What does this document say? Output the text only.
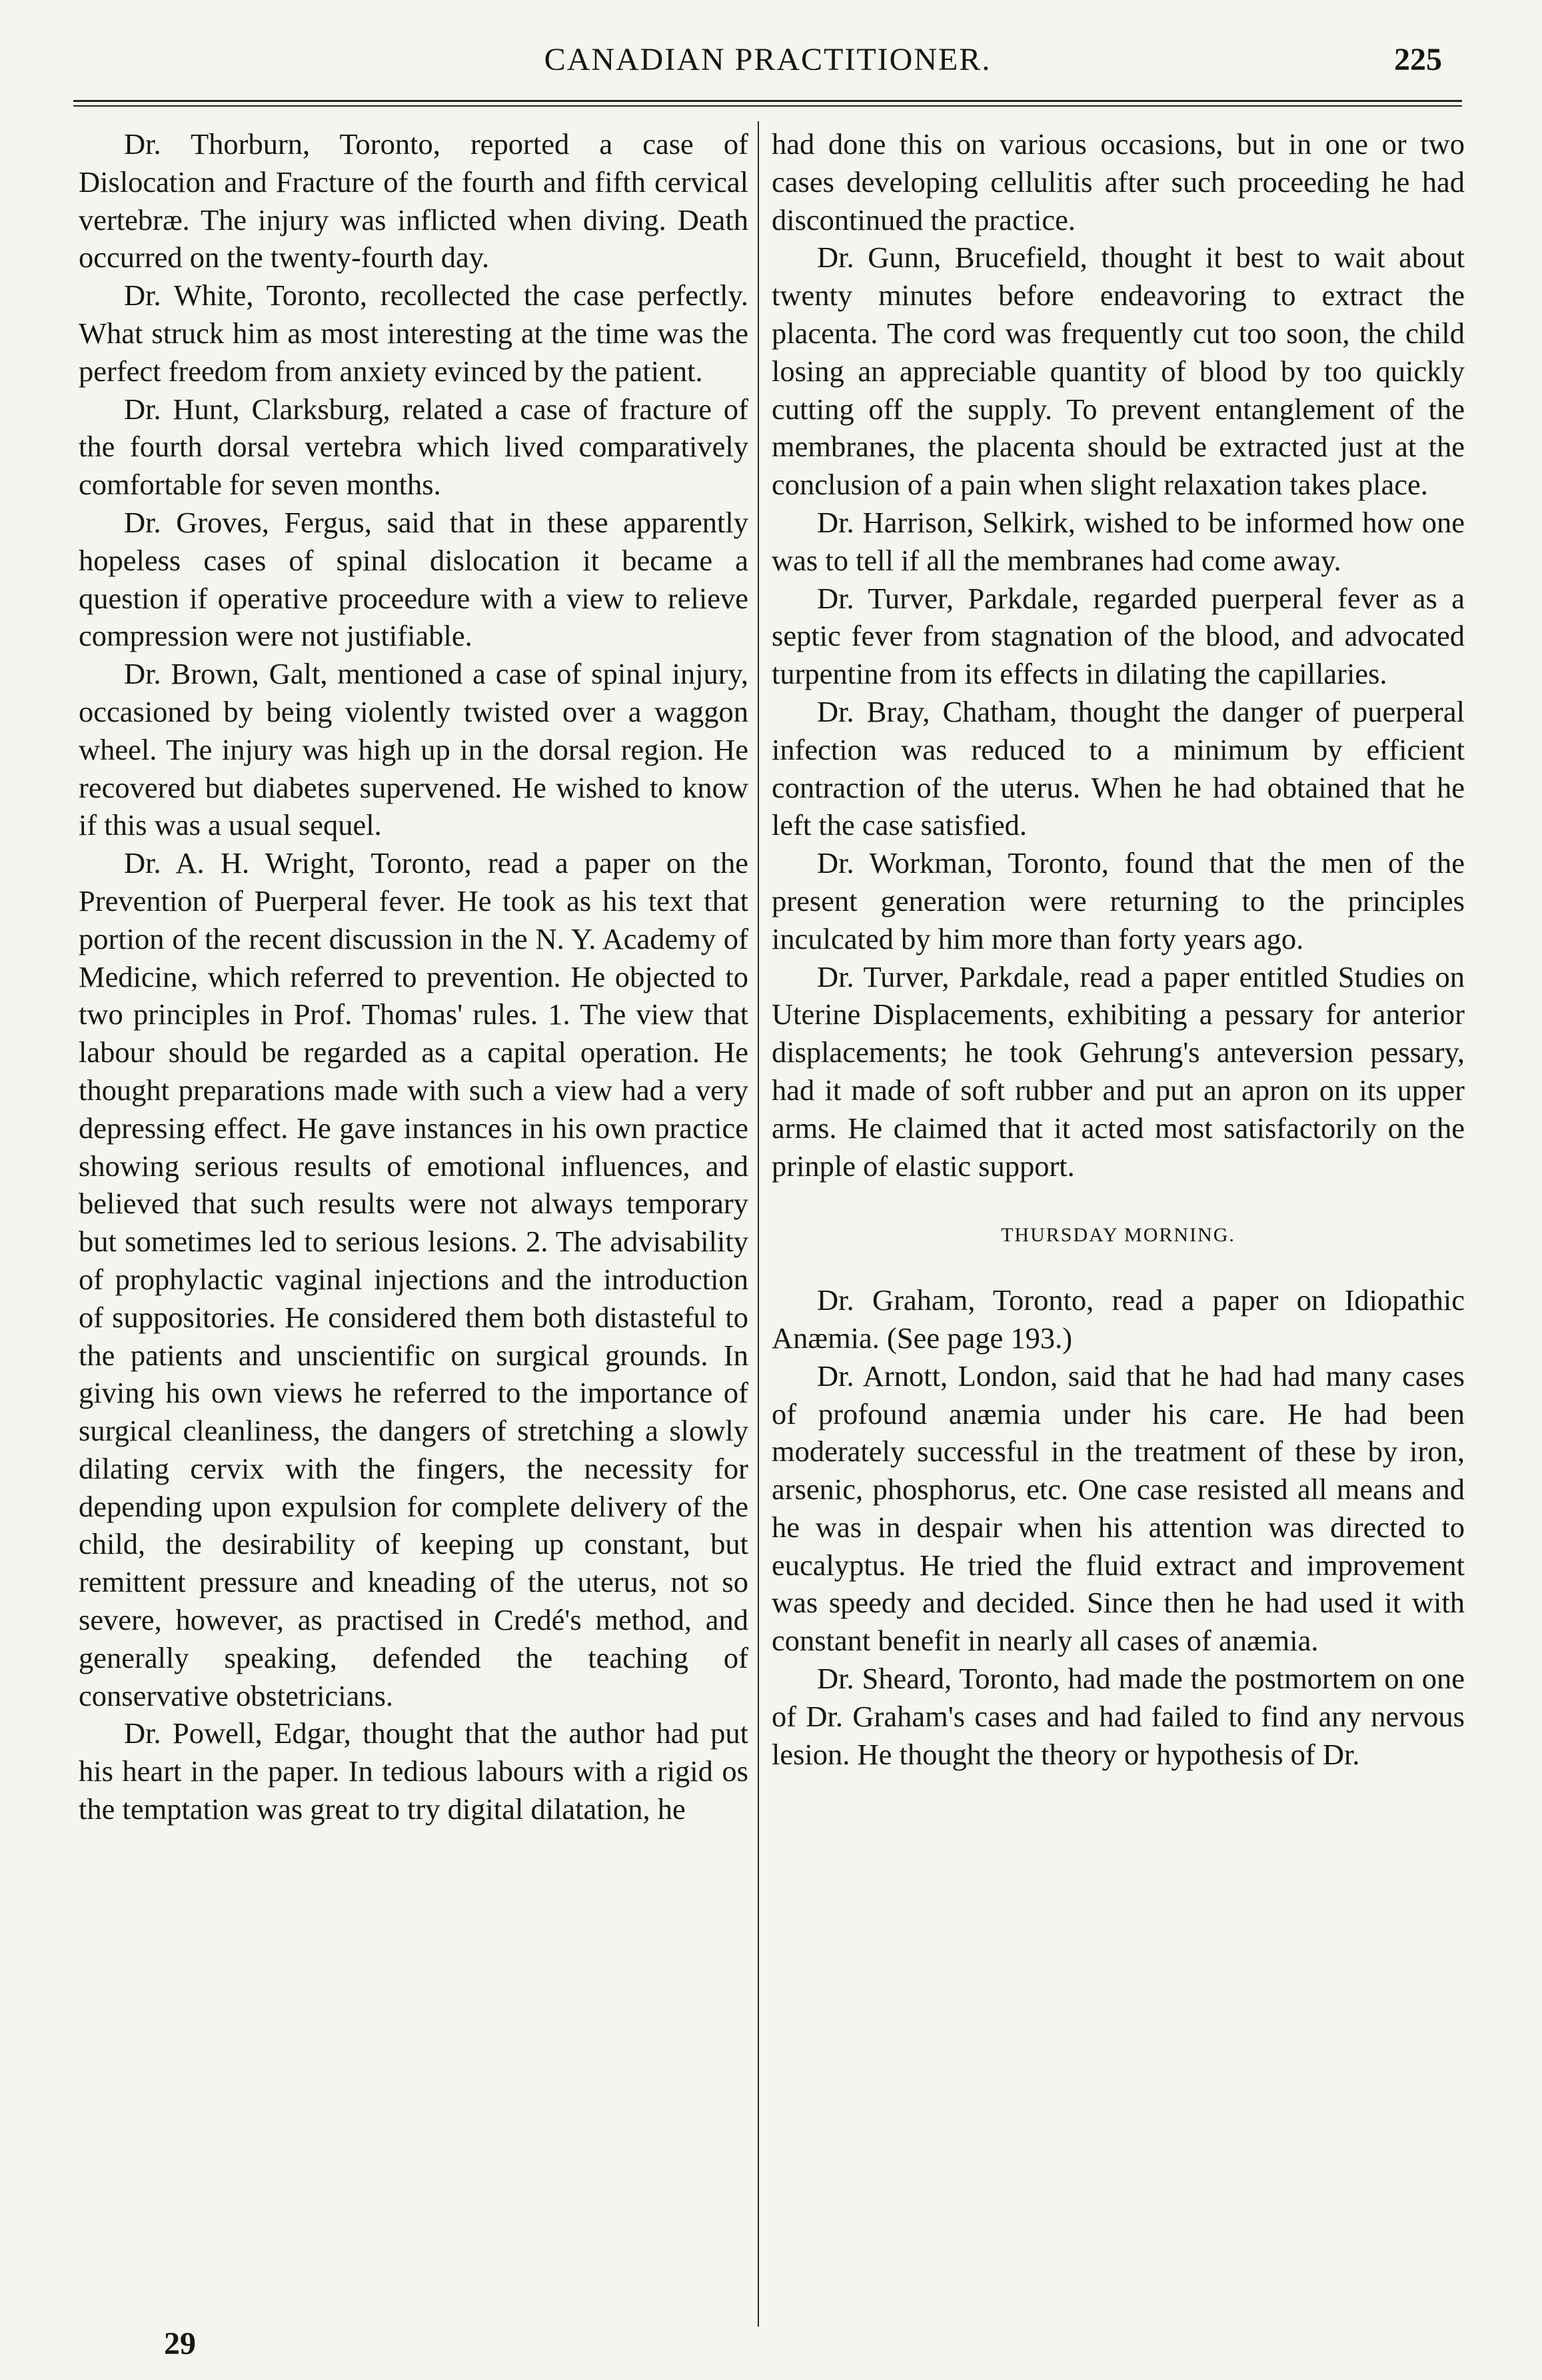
CANADIAN PRACTITIONER.	225

Dr. Thorburn, Toronto, reported a case of Dislocation and Fracture of the fourth and fifth cervical vertebræ. The injury was inflicted when diving. Death occurred on the twenty-fourth day.

Dr. White, Toronto, recollected the case perfectly. What struck him as most interesting at the time was the perfect freedom from anxiety evinced by the patient.

Dr. Hunt, Clarksburg, related a case of fracture of the fourth dorsal vertebra which lived comparatively comfortable for seven months.

Dr. Groves, Fergus, said that in these apparently hopeless cases of spinal dislocation it became a question if operative proceedure with a view to relieve compression were not justifiable.

Dr. Brown, Galt, mentioned a case of spinal injury, occasioned by being violently twisted over a waggon wheel. The injury was high up in the dorsal region. He recovered but diabetes supervened. He wished to know if this was a usual sequel.

Dr. A. H. Wright, Toronto, read a paper on the Prevention of Puerperal fever. He took as his text that portion of the recent discussion in the N. Y. Academy of Medicine, which referred to prevention. He objected to two principles in Prof. Thomas' rules. 1. The view that labour should be regarded as a capital operation. He thought preparations made with such a view had a very depressing effect. He gave instances in his own practice showing serious results of emotional influences, and believed that such results were not always temporary but sometimes led to serious lesions. 2. The advisability of prophylactic vaginal injections and the introduction of suppositories. He considered them both distasteful to the patients and unscientific on surgical grounds. In giving his own views he referred to the importance of surgical cleanliness, the dangers of stretching a slowly dilating cervix with the fingers, the necessity for depending upon expulsion for complete delivery of the child, the desirability of keeping up constant, but remittent pressure and kneading of the uterus, not so severe, however, as practised in Credé's method, and generally speaking, defended the teaching of conservative obstetricians.

Dr. Powell, Edgar, thought that the author had put his heart in the paper. In tedious labours with a rigid os the temptation was great to try digital dilatation, he

had done this on various occasions, but in one or two cases developing cellulitis after such proceeding he had discontinued the practice.

Dr. Gunn, Brucefield, thought it best to wait about twenty minutes before endeavoring to extract the placenta. The cord was frequently cut too soon, the child losing an appreciable quantity of blood by too quickly cutting off the supply. To prevent entanglement of the membranes, the placenta should be extracted just at the conclusion of a pain when slight relaxation takes place.

Dr. Harrison, Selkirk, wished to be informed how one was to tell if all the membranes had come away.

Dr. Turver, Parkdale, regarded puerperal fever as a septic fever from stagnation of the blood, and advocated turpentine from its effects in dilating the capillaries.

Dr. Bray, Chatham, thought the danger of puerperal infection was reduced to a minimum by efficient contraction of the uterus. When he had obtained that he left the case satisfied.

Dr. Workman, Toronto, found that the men of the present generation were returning to the principles inculcated by him more than forty years ago.

Dr. Turver, Parkdale, read a paper entitled Studies on Uterine Displacements, exhibiting a pessary for anterior displacements; he took Gehrung's anteversion pessary, had it made of soft rubber and put an apron on its upper arms. He claimed that it acted most satisfactorily on the prinple of elastic support.

THURSDAY MORNING.

Dr. Graham, Toronto, read a paper on Idiopathic Anæmia. (See page 193.)

Dr. Arnott, London, said that he had had many cases of profound anæmia under his care. He had been moderately successful in the treatment of these by iron, arsenic, phosphorus, etc. One case resisted all means and he was in despair when his attention was directed to eucalyptus. He tried the fluid extract and improvement was speedy and decided. Since then he had used it with constant benefit in nearly all cases of anæmia.

Dr. Sheard, Toronto, had made the postmortem on one of Dr. Graham's cases and had failed to find any nervous lesion. He thought the theory or hypothesis of Dr.

29
